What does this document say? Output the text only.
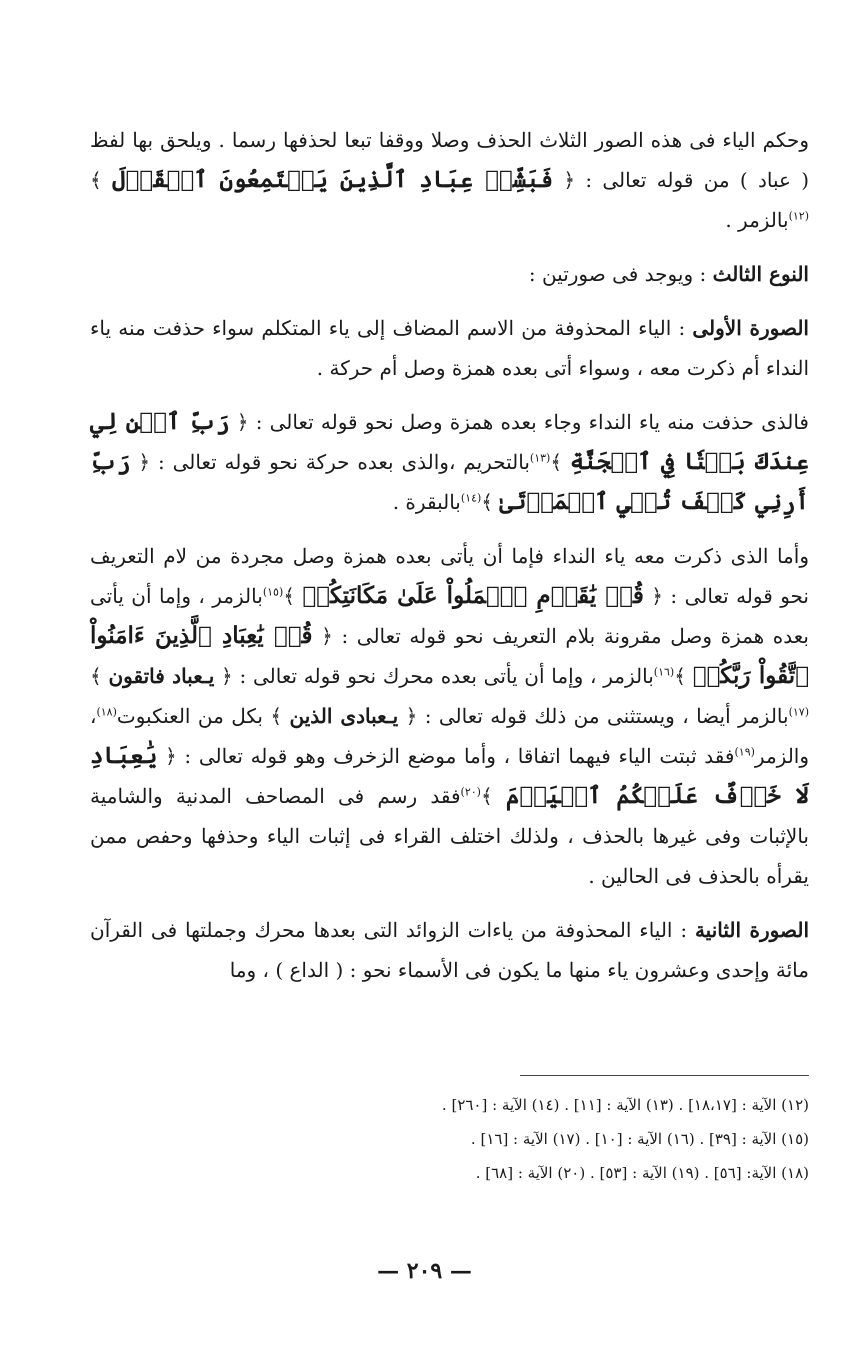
وحكم الياء فى هذه الصور الثلاث الحذف وصلا ووقفا تبعا لحذفها رسما . ويلحق بها لفظ ( عباد ) من قوله تعالى : ﴿ فَبَشِّرۡ عِبَادِ ٱلَّذِينَ يَسۡتَمِعُونَ ٱلۡقَوۡلَ ﴾$^{(١٢)}$بالزمر .

النوع الثالث : ويوجد فى صورتين :

الصورة الأولى : الياء المحذوفة من الاسم المضاف إلى ياء المتكلم سواء حذفت منه ياء النداء أم ذكرت معه ، وسواء أتى بعده همزة وصل أم حركة .

فالذى حذفت منه ياء النداء وجاء بعده همزة وصل نحو قوله تعالى : ﴿ رَبِّ ٱبۡنِ لِي عِندَكَ بَيۡتٗا فِي ٱلۡجَنَّةِ ﴾$^{(١٣)}$بالتحريم ،والذى بعده حركة نحو قوله تعالى : ﴿ رَبِّ أَرِنِي كَيۡفَ تُحۡيِ ٱلۡمَوۡتَىٰ ﴾$^{(١٤)}$بالبقرة .

وأما الذى ذكرت معه ياء النداء فإما أن يأتى بعده همزة وصل مجردة من لام التعريف نحو قوله تعالى : ﴿ قُلۡ يَٰقَوۡمِ ٱعۡمَلُواْ عَلَىٰ مَكَانَتِكُمۡ ﴾$^{(١٥)}$بالزمر ، وإما أن يأتى بعده همزة وصل مقرونة بلام التعريف نحو قوله تعالى : ﴿ قُلۡ يَٰعِبَادِ ٱلَّذِينَ ءَامَنُواْ ٱتَّقُواْ رَبَّكُمۡ ﴾$^{(١٦)}$بالزمر ، وإما أن يأتى بعده محرك نحو قوله تعالى : ﴿ يـعباد فاتقون ﴾$^{(١٧)}$بالزمر أيضا ، ويستثنى من ذلك قوله تعالى : ﴿ يـعبادى الذين ﴾ بكل من العنكبوت$^{(١٨)}$، والزمر$^{(١٩)}$فقد ثبتت الياء فيهما اتفاقا ، وأما موضع الزخرف وهو قوله تعالى : ﴿ يَٰعِبَادِ لَا خَوۡفٌ عَلَيۡكُمُ ٱلۡيَوۡمَ ﴾$^{(٢٠)}$فقد رسم فى المصاحف المدنية والشامية بالإثبات وفى غيرها بالحذف ، ولذلك اختلف القراء فى إثبات الياء وحذفها وحفص ممن يقرأه بالحذف فى الحالين .

الصورة الثانية : الياء المحذوفة من ياءات الزوائد التى بعدها محرك وجملتها فى القرآن مائة وإحدى وعشرون ياء منها ما يكون فى الأسماء نحو : ( الداع ) ، وما

(١٢) الآية : [١٨،١٧] . (١٣) الآية : [١١] . (١٤) الآية : [٢٦٠] .
(١٥) الآية : [٣٩] . (١٦) الآية : [١٠] . (١٧) الآية : [١٦] .
(١٨) الآية: [٥٦] . (١٩) الآية : [٥٣] . (٢٠) الآية : [٦٨] .
— ٢٠٩ —
